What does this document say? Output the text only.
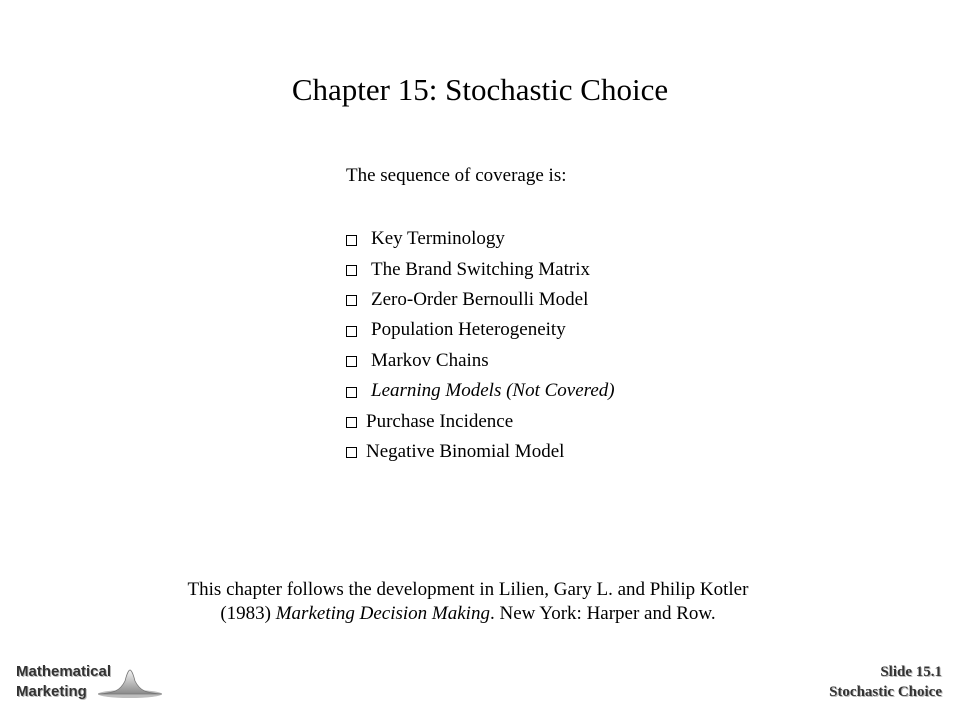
Chapter 15: Stochastic Choice
The sequence of coverage is:
Key Terminology
The Brand Switching Matrix
Zero-Order Bernoulli Model
Population Heterogeneity
Markov Chains
Learning Models (Not Covered)
Purchase Incidence
Negative Binomial Model

This chapter follows the development in Lilien, Gary L. and Philip Kotler

(1983) Marketing Decision Making. New York: Harper and Row.

Mathematical
Marketing
Slide 15.1
Stochastic Choice
